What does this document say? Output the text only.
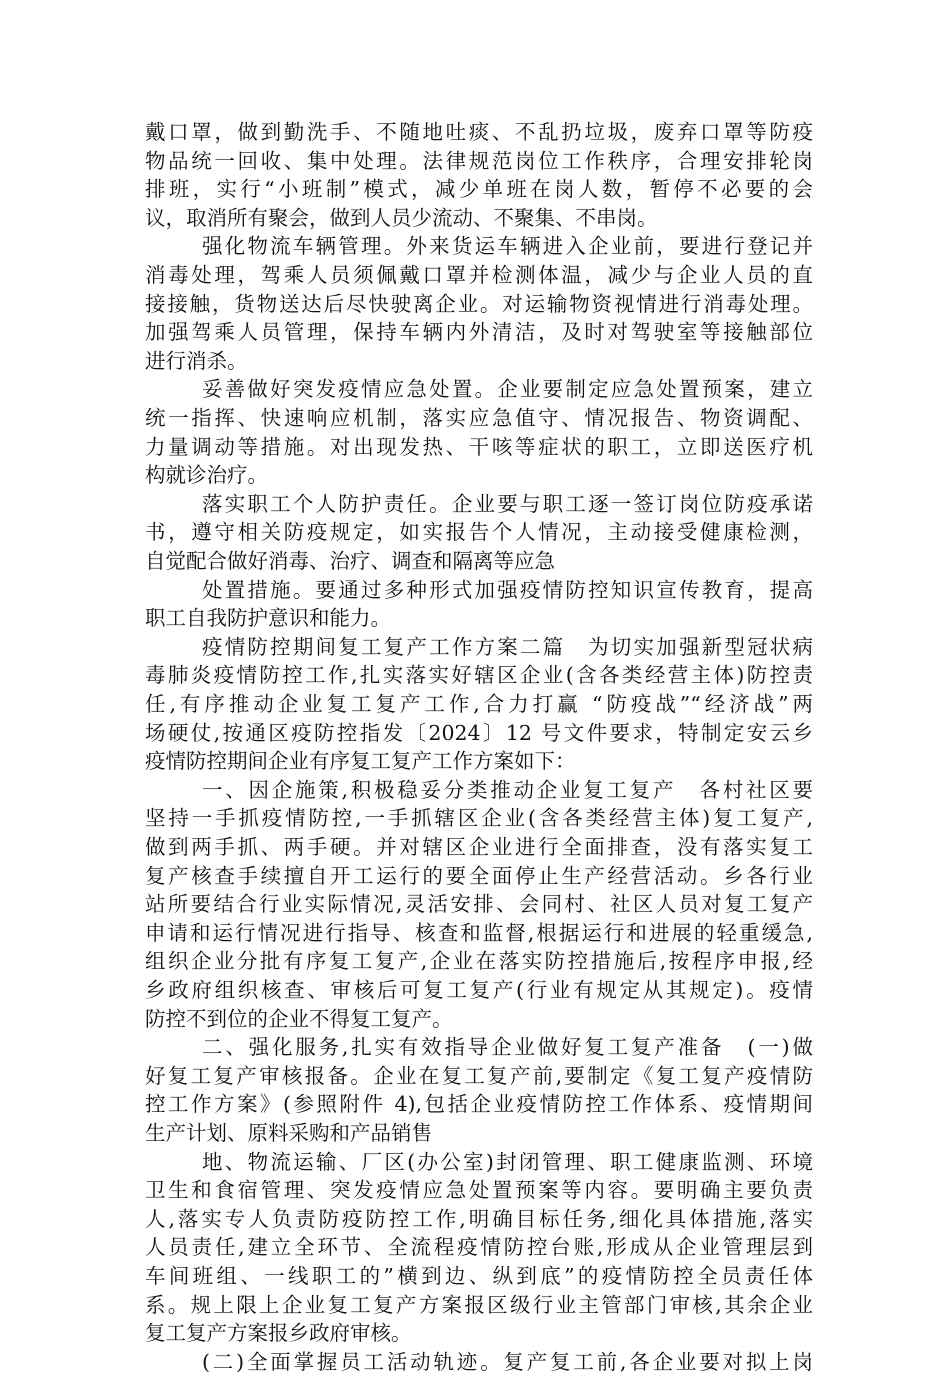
戴口罩，做到勤洗手、不随地吐痰、不乱扔垃圾，废弃口罩等防疫
物品统一回收、集中处理。法律规范岗位工作秩序，合理安排轮岗
排班，实行“小班制”模式，减少单班在岗人数，暂停不必要的会
议，取消所有聚会，做到人员少流动、不聚集、不串岗。
强化物流车辆管理。外来货运车辆进入企业前，要进行登记并
消毒处理，驾乘人员须佩戴口罩并检测体温，减少与企业人员的直
接接触，货物送达后尽快驶离企业。对运输物资视情进行消毒处理。
加强驾乘人员管理，保持车辆内外清洁，及时对驾驶室等接触部位
进行消杀。
妥善做好突发疫情应急处置。企业要制定应急处置预案，建立
统一指挥、快速响应机制，落实应急值守、情况报告、物资调配、
力量调动等措施。对出现发热、干咳等症状的职工，立即送医疗机
构就诊治疗。
落实职工个人防护责任。企业要与职工逐一签订岗位防疫承诺
书，遵守相关防疫规定，如实报告个人情况，主动接受健康检测，
自觉配合做好消毒、治疗、调查和隔离等应急
处置措施。要通过多种形式加强疫情防控知识宣传教育，提高
职工自我防护意识和能力。
疫情防控期间复工复产工作方案二篇　为切实加强新型冠状病
毒肺炎疫情防控工作,扎实落实好辖区企业(含各类经营主体)防控责
任,有序推动企业复工复产工作,合力打赢 “防疫战”“经济战”两
场硬仗,按通区疫防控指发〔2024〕12 号文件要求，特制定安云乡
疫情防控期间企业有序复工复产工作方案如下：
一、因企施策,积极稳妥分类推动企业复工复产　各村社区要
坚持一手抓疫情防控,一手抓辖区企业(含各类经营主体)复工复产,
做到两手抓、两手硬。并对辖区企业进行全面排查，没有落实复工
复产核查手续擅自开工运行的要全面停止生产经营活动。乡各行业
站所要结合行业实际情况,灵活安排、会同村、社区人员对复工复产
申请和运行情况进行指导、核查和监督,根据运行和进展的轻重缓急,
组织企业分批有序复工复产,企业在落实防控措施后,按程序申报,经
乡政府组织核查、审核后可复工复产(行业有规定从其规定)。疫情
防控不到位的企业不得复工复产。
二、强化服务,扎实有效指导企业做好复工复产准备　(一)做
好复工复产审核报备。企业在复工复产前,要制定《复工复产疫情防
控工作方案》(参照附件 4),包括企业疫情防控工作体系、疫情期间
生产计划、原料采购和产品销售
地、物流运输、厂区(办公室)封闭管理、职工健康监测、环境
卫生和食宿管理、突发疫情应急处置预案等内容。要明确主要负责
人,落实专人负责防疫防控工作,明确目标任务,细化具体措施,落实
人员责任,建立全环节、全流程疫情防控台账,形成从企业管理层到
车间班组、一线职工的”横到边、纵到底”的疫情防控全员责任体
系。规上限上企业复工复产方案报区级行业主管部门审核,其余企业
复工复产方案报乡政府审核。
(二)全面掌握员工活动轨迹。复产复工前,各企业要对拟上岗
